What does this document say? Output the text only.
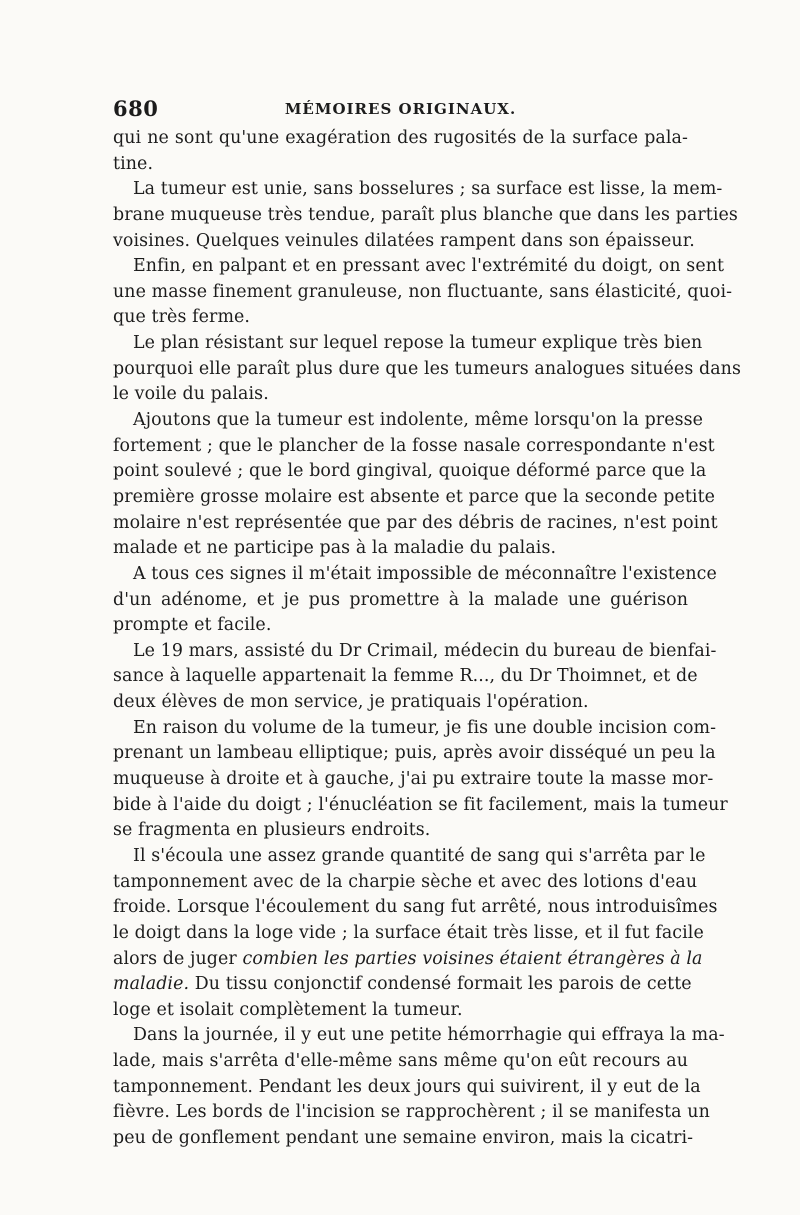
680	MÉMOIRES ORIGINAUX.
qui ne sont qu'une exagération des rugosités de la surface pala-
tine.
La tumeur est unie, sans bosselures ; sa surface est lisse, la mem-
brane muqueuse très tendue, paraît plus blanche que dans les parties
voisines. Quelques veinules dilatées rampent dans son épaisseur.
Enfin, en palpant et en pressant avec l'extrémité du doigt, on sent
une masse finement granuleuse, non fluctuante, sans élasticité, quoi-
que très ferme.
Le plan résistant sur lequel repose la tumeur explique très bien
pourquoi elle paraît plus dure que les tumeurs analogues situées dans
le voile du palais.
Ajoutons que la tumeur est indolente, même lorsqu'on la presse
fortement ; que le plancher de la fosse nasale correspondante n'est
point soulevé ; que le bord gingival, quoique déformé parce que la
première grosse molaire est absente et parce que la seconde petite
molaire n'est représentée que par des débris de racines, n'est point
malade et ne participe pas à la maladie du palais.
A tous ces signes il m'était impossible de méconnaître l'existence
d'un adénome, et je pus promettre à la malade une guérison
prompte et facile.
Le 19 mars, assisté du Dr Crimail, médecin du bureau de bienfai-
sance à laquelle appartenait la femme R..., du Dr Thoimnet, et de
deux élèves de mon service, je pratiquais l'opération.
En raison du volume de la tumeur, je fis une double incision com-
prenant un lambeau elliptique; puis, après avoir disséqué un peu la
muqueuse à droite et à gauche, j'ai pu extraire toute la masse mor-
bide à l'aide du doigt ; l'énucléation se fit facilement, mais la tumeur
se fragmenta en plusieurs endroits.
Il s'écoula une assez grande quantité de sang qui s'arrêta par le
tamponnement avec de la charpie sèche et avec des lotions d'eau
froide. Lorsque l'écoulement du sang fut arrêté, nous introduisîmes
le doigt dans la loge vide ; la surface était très lisse, et il fut facile
alors de juger combien les parties voisines étaient étrangères à la
maladie. Du tissu conjonctif condensé formait les parois de cette
loge et isolait complètement la tumeur.
Dans la journée, il y eut une petite hémorrhagie qui effraya la ma-
lade, mais s'arrêta d'elle-même sans même qu'on eût recours au
tamponnement. Pendant les deux jours qui suivirent, il y eut de la
fièvre. Les bords de l'incision se rapprochèrent ; il se manifesta un
peu de gonflement pendant une semaine environ, mais la cicatri-
